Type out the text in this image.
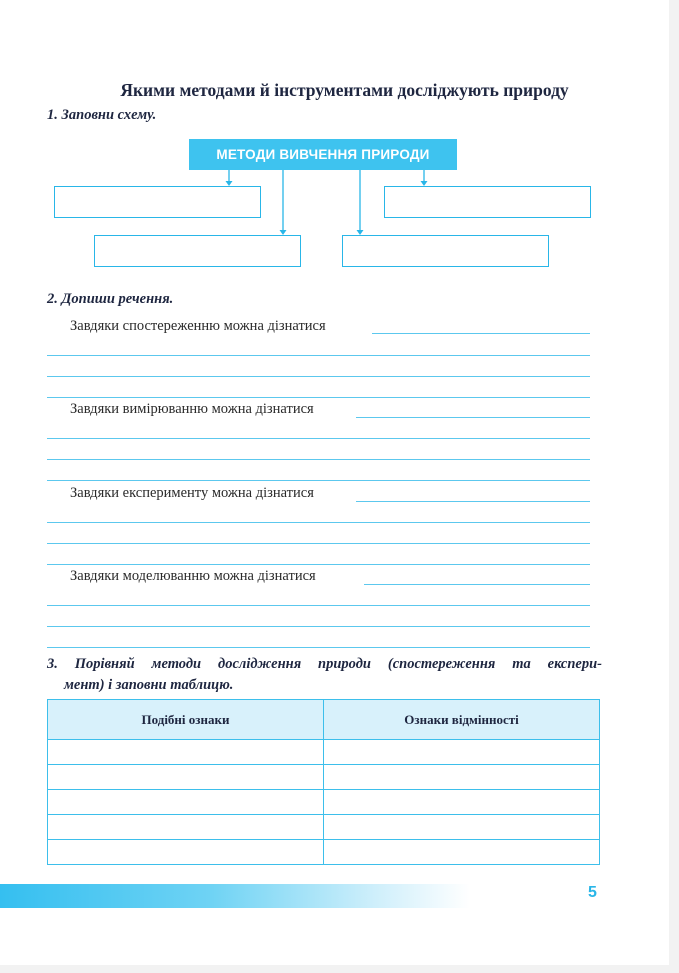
Якими методами й інструментами досліджують природу
1. Заповни схему.
МЕТОДИ ВИВЧЕННЯ ПРИРОДИ
2. Допиши речення.
Завдяки спостереженню можна дізнатися
Завдяки вимірюванню можна дізнатися
Завдяки експерименту можна дізнатися
Завдяки моделюванню можна дізнатися
3. Порівняй методи дослідження природи (спостереження та експери-
мент) і заповни таблицю.
Подібні ознаки	Ознаки відмінності

5
